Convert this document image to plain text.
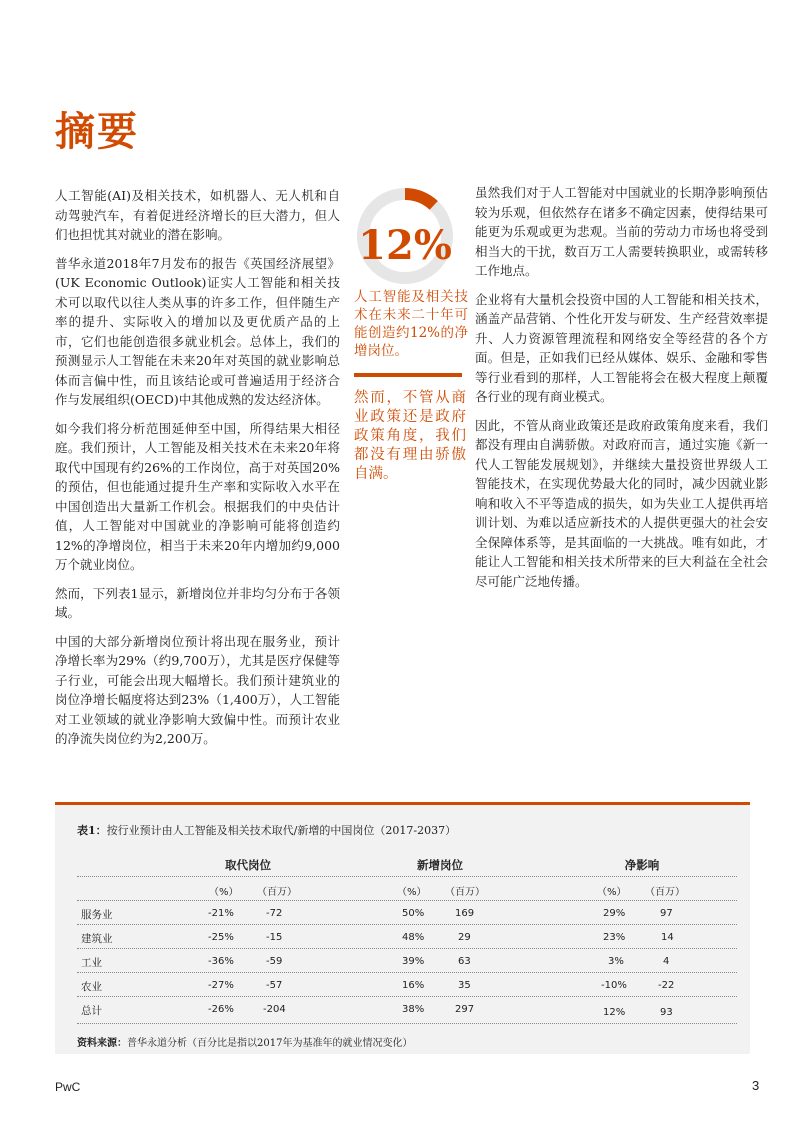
摘要

人工智能(AI)及相关技术，如机器人、无人机和自动驾驶汽车，有着促进经济增长的巨大潜力，但人们也担忧其对就业的潜在影响。

普华永道2018年7月发布的报告《英国经济展望》(UK Economic Outlook)证实人工智能和相关技术可以取代以往人类从事的许多工作，但伴随生产率的提升、实际收入的增加以及更优质产品的上市，它们也能创造很多就业机会。总体上，我们的预测显示人工智能在未来20年对英国的就业影响总体而言偏中性，而且该结论或可普遍适用于经济合作与发展组织(OECD)中其他成熟的发达经济体。

如今我们将分析范围延伸至中国，所得结果大相径庭。我们预计，人工智能及相关技术在未来20年将取代中国现有约26%的工作岗位，高于对英国20%的预估，但也能通过提升生产率和实际收入水平在中国创造出大量新工作机会。根据我们的中央估计值，人工智能对中国就业的净影响可能将创造约12%的净增岗位，相当于未来20年内增加约9,000万个就业岗位。

然而，下列表1显示，新增岗位并非均匀分布于各领域。

中国的大部分新增岗位预计将出现在服务业，预计净增长率为29%（约9,700万），尤其是医疗保健等子行业，可能会出现大幅增长。我们预计建筑业的岗位净增长幅度将达到23%（1,400万），人工智能对工业领域的就业净影响大致偏中性。而预计农业的净流失岗位约为2,200万。

12%
人工智能及相关技术在未来二十年可能创造约12%的净增岗位。
然而，不管从商业政策还是政府政策角度，我们都没有理由骄傲自满。

虽然我们对于人工智能对中国就业的长期净影响预估较为乐观，但依然存在诸多不确定因素，使得结果可能更为乐观或更为悲观。当前的劳动力市场也将受到相当大的干扰，数百万工人需要转换职业，或需转移工作地点。

企业将有大量机会投资中国的人工智能和相关技术，涵盖产品营销、个性化开发与研发、生产经营效率提升、人力资源管理流程和网络安全等经营的各个方面。但是，正如我们已经从媒体、娱乐、金融和零售等行业看到的那样，人工智能将会在极大程度上颠覆各行业的现有商业模式。

因此，不管从商业政策还是政府政策角度来看，我们都没有理由自满骄傲。对政府而言，通过实施《新一代人工智能发展规划》，并继续大量投资世界级人工智能技术，在实现优势最大化的同时，减少因就业影响和收入不平等造成的损失，如为失业工人提供再培训计划、为难以适应新技术的人提供更强大的社会安全保障体系等，是其面临的一大挑战。唯有如此，才能让人工智能和相关技术所带来的巨大利益在全社会尽可能广泛地传播。

表1：按行业预计由人工智能及相关技术取代/新增的中国岗位（2017-2037）
取代岗位	新增岗位	净影响
（%） （百万）	（%） （百万）	（%） （百万）
服务业	-21%	-72	50%	169	29%	97
建筑业	-25%	-15	48%	29	23%	14
工业	-36%	-59	39%	63	3%	4
农业	-27%	-57	16%	35	-10%	-22
总计	-26%	-204	38%	297	12%	93
资料来源：普华永道分析（百分比是指以2017年为基准年的就业情况变化）
PwC	3
